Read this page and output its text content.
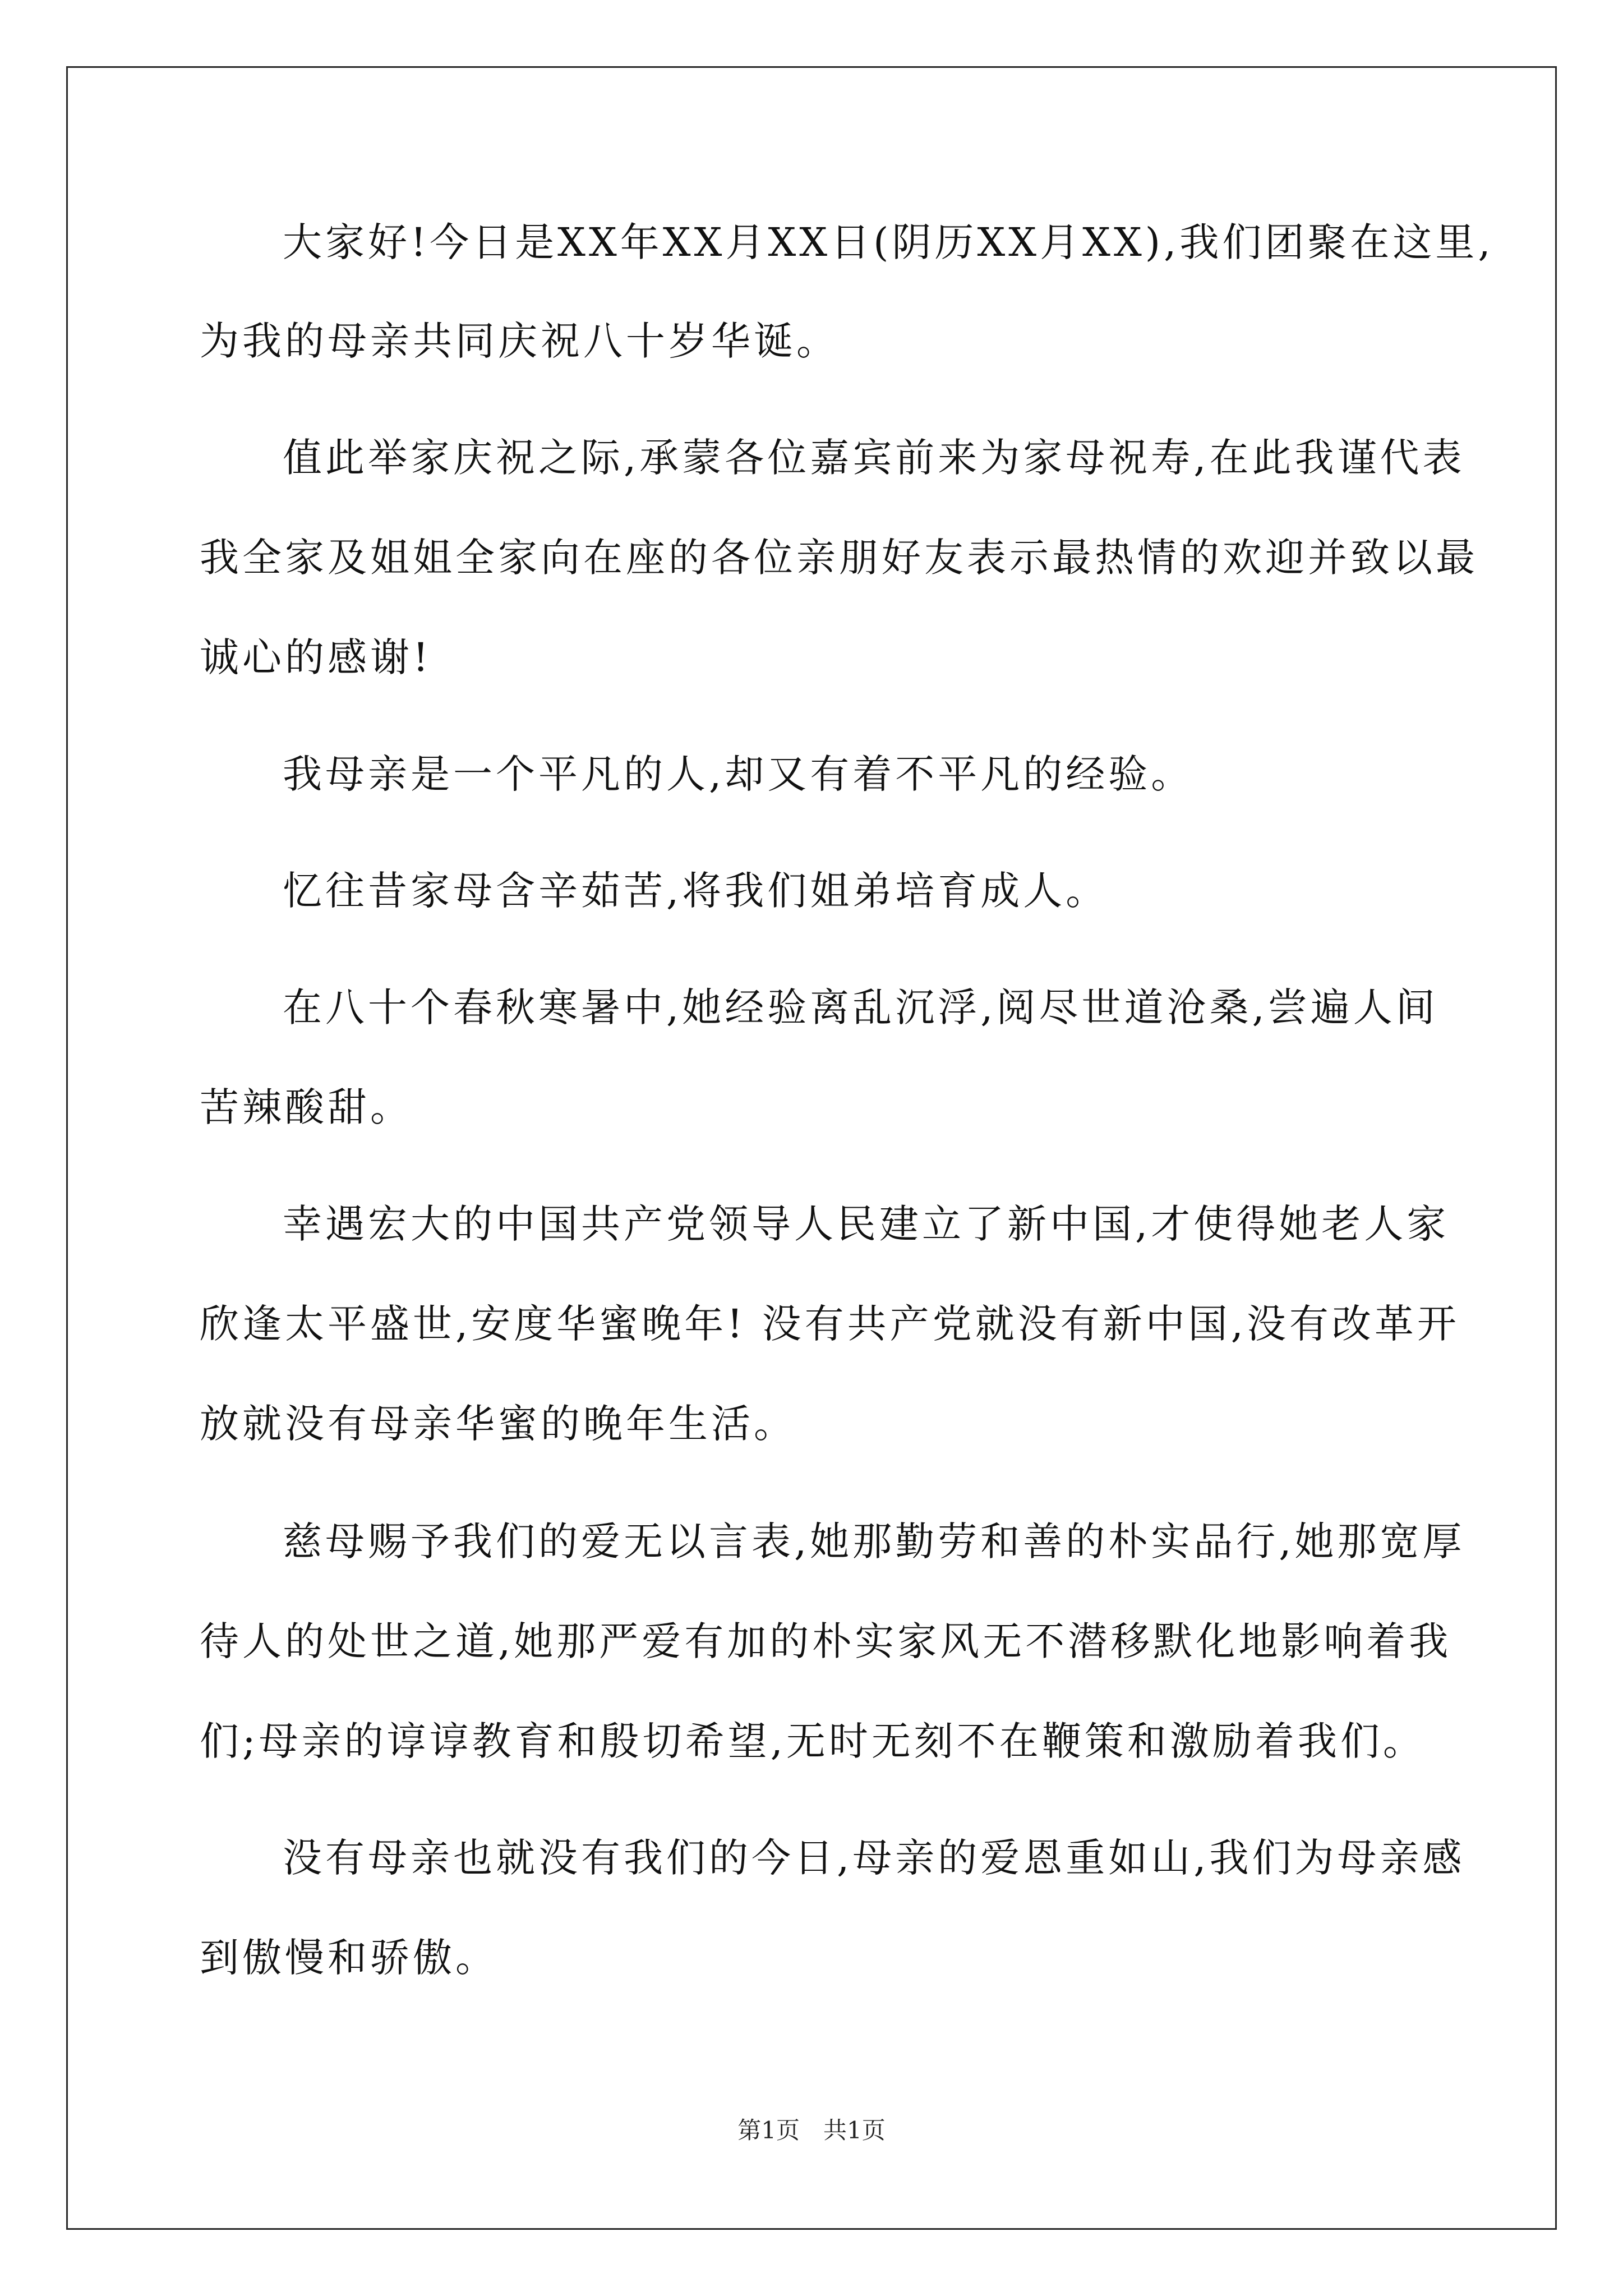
大家好!今日是XX年XX月XX日(阴历XX月XX),我们团聚在这里,
为我的母亲共同庆祝八十岁华诞。
值此举家庆祝之际,承蒙各位嘉宾前来为家母祝寿,在此我谨代表
我全家及姐姐全家向在座的各位亲朋好友表示最热情的欢迎并致以最
诚心的感谢!
我母亲是一个平凡的人,却又有着不平凡的经验。
忆往昔家母含辛茹苦,将我们姐弟培育成人。
在八十个春秋寒暑中,她经验离乱沉浮,阅尽世道沧桑,尝遍人间
苦辣酸甜。
幸遇宏大的中国共产党领导人民建立了新中国,才使得她老人家
欣逢太平盛世,安度华蜜晚年! 没有共产党就没有新中国,没有改革开
放就没有母亲华蜜的晚年生活。
慈母赐予我们的爱无以言表,她那勤劳和善的朴实品行,她那宽厚
待人的处世之道,她那严爱有加的朴实家风无不潜移默化地影响着我
们;母亲的谆谆教育和殷切希望,无时无刻不在鞭策和激励着我们。
没有母亲也就没有我们的今日,母亲的爱恩重如山,我们为母亲感
到傲慢和骄傲。
第1页　共1页
